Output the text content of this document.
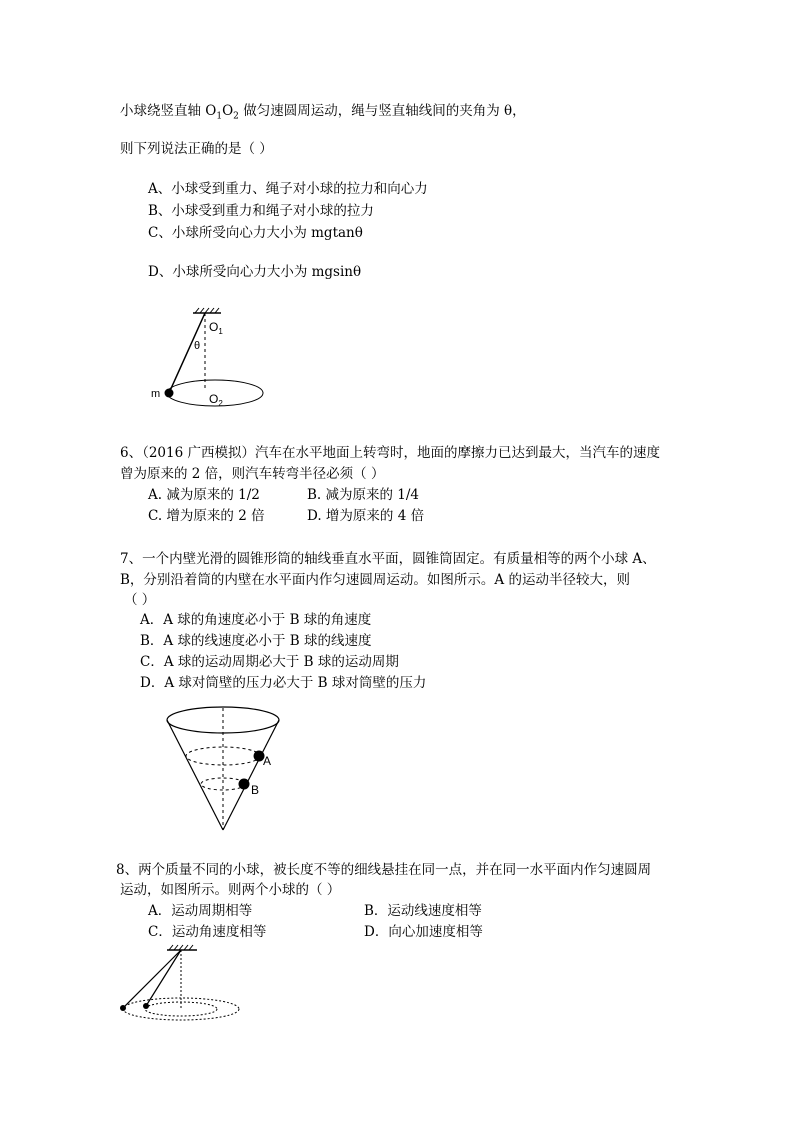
小球绕竖直轴 $O_1O_2$ 做匀速圆周运动，绳与竖直轴线间的夹角为 θ，
则下列说法正确的是（ ）
A、小球受到重力、绳子对小球的拉力和向心力
B、小球受到重力和绳子对小球的拉力
C、小球所受向心力大小为 mgtanθ
D、小球所受向心力大小为 mgsinθ
$O_1$
θ
m	$O_2$
6、（2016 广西模拟）汽车在水平地面上转弯时，地面的摩擦力已达到最大，当汽车的速度
曾为原来的 2 倍，则汽车转弯半径必须（ ）
A. 减为原来的 1/2	B. 减为原来的 1/4
C. 增为原来的 2 倍	D. 增为原来的 4 倍
7、一个内壁光滑的圆锥形筒的轴线垂直水平面，圆锥筒固定。有质量相等的两个小球 A、
B，分别沿着筒的内壁在水平面内作匀速圆周运动。如图所示。A 的运动半径较大，则
（ ）
A．A 球的角速度必小于 B 球的角速度
B．A 球的线速度必小于 B 球的线速度
C．A 球的运动周期必大于 B 球的运动周期
D．A 球对筒壁的压力必大于 B 球对筒壁的压力
A
B
8、两个质量不同的小球，被长度不等的细线悬挂在同一点，并在同一水平面内作匀速圆周
运动，如图所示。则两个小球的（ ）
A．运动周期相等	B．运动线速度相等
C．运动角速度相等	D．向心加速度相等
